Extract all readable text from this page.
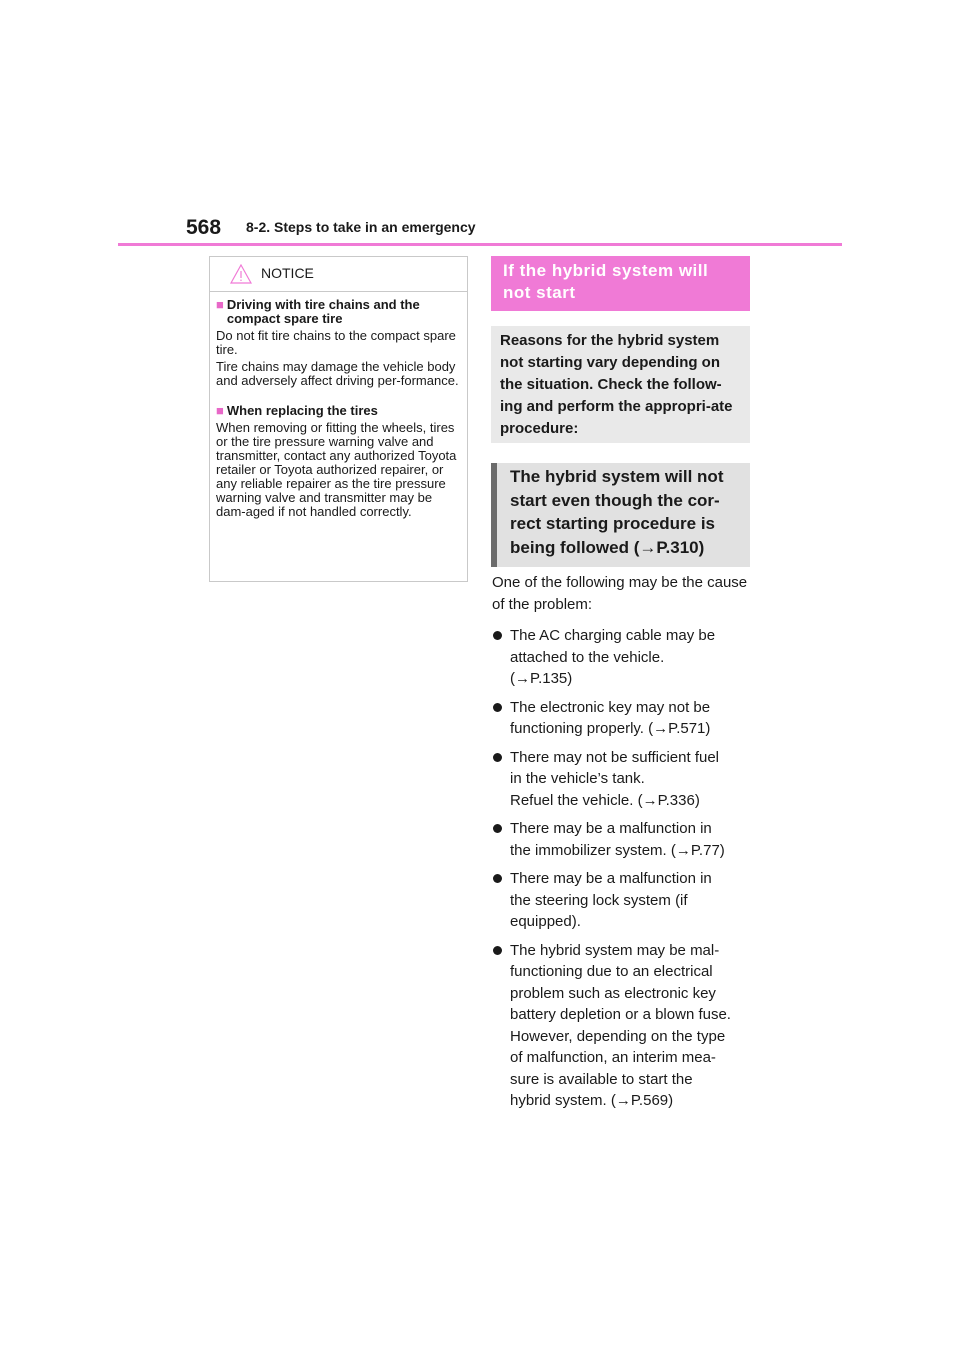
568 8-2. Steps to take in an emergency
NOTICE
■ Driving with tire chains and the compact spare tire

Do not fit tire chains to the compact spare tire.

Tire chains may damage the vehicle body and adversely affect driving per-formance.

■ When replacing the tires

When removing or fitting the wheels, tires or the tire pressure warning valve and transmitter, contact any authorized Toyota retailer or Toyota authorized repairer, or any reliable repairer as the tire pressure warning valve and transmitter may be dam-aged if not handled correctly.

If the hybrid system will not start
Reasons for the hybrid system not starting vary depending on the situation. Check the follow-ing and perform the appropri-ate procedure:
The hybrid system will not start even though the cor-rect starting procedure is being followed (→P.310)

One of the following may be the cause of the problem:

The AC charging cable may be
attached to the vehicle.
(→P.135)
The electronic key may not be
functioning properly. (→P.571)
There may not be sufficient fuel
in the vehicle’s tank.
Refuel the vehicle. (→P.336)
There may be a malfunction in
the immobilizer system. (→P.77)
There may be a malfunction in
the steering lock system (if
equipped).
The hybrid system may be mal-
functioning due to an electrical
problem such as electronic key
battery depletion or a blown fuse.
However, depending on the type
of malfunction, an interim mea-
sure is available to start the
hybrid system. (→P.569)
